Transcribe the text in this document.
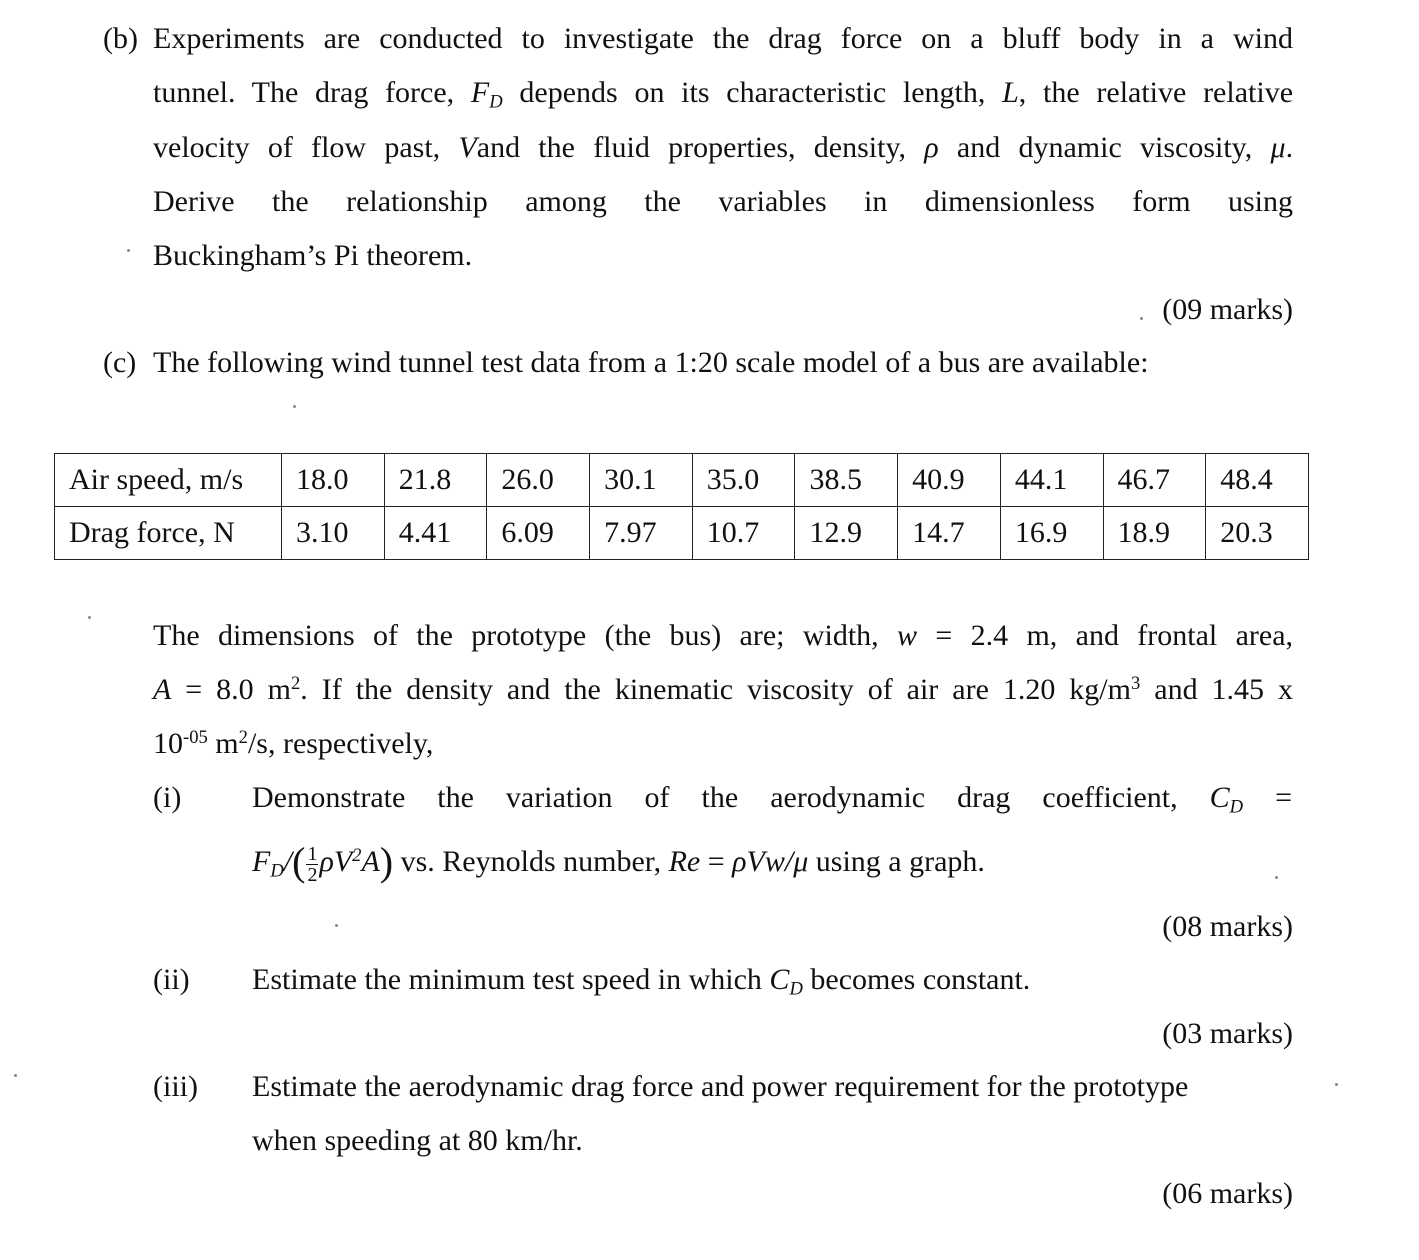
(b) Experiments are conducted to investigate the drag force on a bluff body in a wind
tunnel. The drag force, $F_D$ depends on its characteristic length, L, the relative relative
velocity of flow past, Vand the fluid properties, density, ρ and dynamic viscosity, μ.
Derive the relationship among the variables in dimensionless form using
Buckingham’s Pi theorem.
(09 marks)
(c) The following wind tunnel test data from a 1:20 scale model of a bus are available:
Air speed, m/s	18.0	21.8	26.0	30.1	35.0	38.5	40.9	44.1	46.7	48.4
Drag force, N	3.10	4.41	6.09	7.97	10.7	12.9	14.7	16.9	18.9	20.3
The dimensions of the prototype (the bus) are; width, w = 2.4 m, and frontal area,
A = 8.0 $m^2$. If the density and the kinematic viscosity of air are 1.20 $kg/m^3$ and 1.45 x
$10^{-05}$ $m^2/s$, respectively,
(i) Demonstrate the variation of the aerodynamic drag coefficient, $C_D$ =
$F_D/( \frac{1}{2} \rho V^2A)$ vs. Reynolds number, Re = ρVw/μ using a graph.
(08 marks)
(ii) Estimate the minimum test speed in which $C_D$ becomes constant.
(03 marks)
(iii) Estimate the aerodynamic drag force and power requirement for the prototype
when speeding at 80 km/hr.
(06 marks)
